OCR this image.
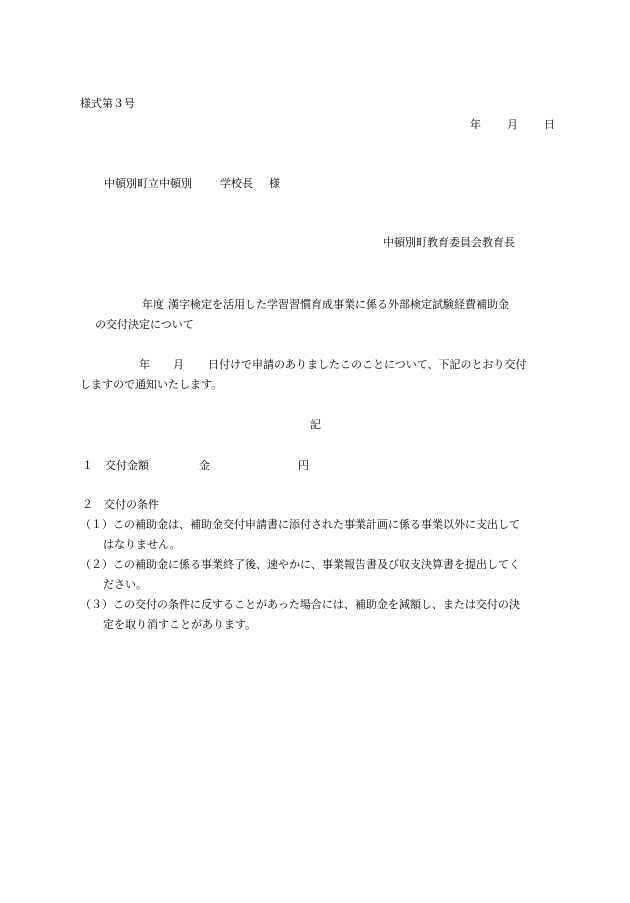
様式第３号
年 月 日
中頓別町立中頓別	学校長 様
中頓別町教育委員会教育長
年度 漢字検定を活用した学習習慣育成事業に係る外部検定試験経費補助金
の交付決定について
年 月 日付けで申請のありましたこのことについて、下記のとおり交付
しますので通知いたします。
記
１ 交付金額	金	円
２　交付の条件
（１）この補助金は、補助金交付申請書に添付された事業計画に係る事業以外に支出して
はなりません。
（２）この補助金に係る事業終了後、速やかに、事業報告書及び収支決算書を提出してく
ださい。
（３）この交付の条件に反することがあった場合には、補助金を減額し、または交付の決
定を取り消すことがあります。
